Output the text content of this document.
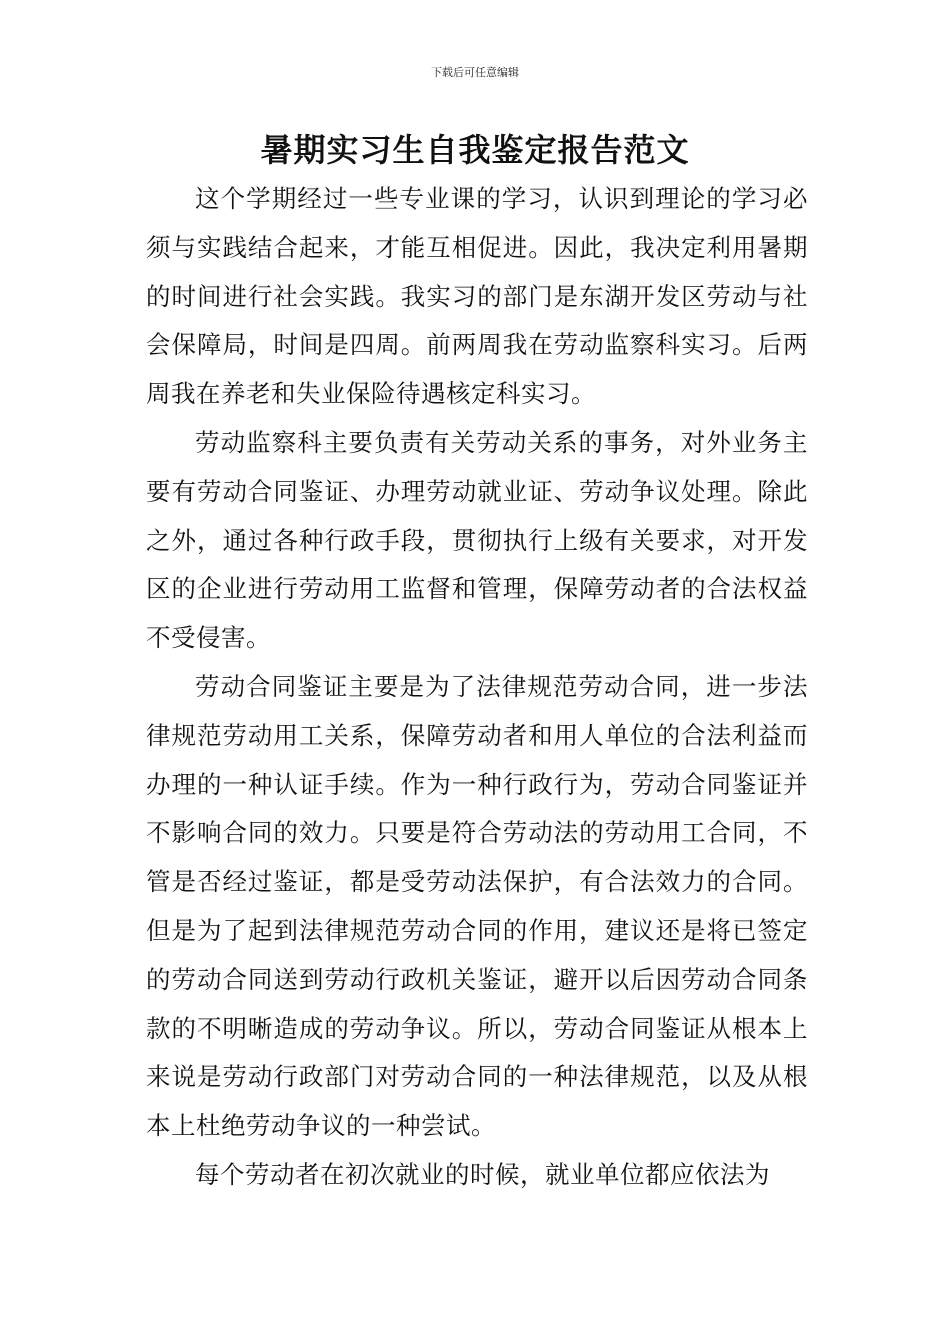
下载后可任意编辑
暑期实习生自我鉴定报告范文

这个学期经过一些专业课的学习，认识到理论的学习必须与实践结合起来，才能互相促进。因此，我决定利用暑期的时间进行社会实践。我实习的部门是东湖开发区劳动与社会保障局，时间是四周。前两周我在劳动监察科实习。后两周我在养老和失业保险待遇核定科实习。

劳动监察科主要负责有关劳动关系的事务，对外业务主要有劳动合同鉴证、办理劳动就业证、劳动争议处理。除此之外，通过各种行政手段，贯彻执行上级有关要求，对开发区的企业进行劳动用工监督和管理，保障劳动者的合法权益不受侵害。

劳动合同鉴证主要是为了法律规范劳动合同，进一步法律规范劳动用工关系，保障劳动者和用人单位的合法利益而办理的一种认证手续。作为一种行政行为，劳动合同鉴证并不影响合同的效力。只要是符合劳动法的劳动用工合同，不管是否经过鉴证，都是受劳动法保护，有合法效力的合同。但是为了起到法律规范劳动合同的作用，建议还是将已签定的劳动合同送到劳动行政机关鉴证，避开以后因劳动合同条款的不明晰造成的劳动争议。所以，劳动合同鉴证从根本上来说是劳动行政部门对劳动合同的一种法律规范，以及从根本上杜绝劳动争议的一种尝试。

每个劳动者在初次就业的时候，就业单位都应依法为
